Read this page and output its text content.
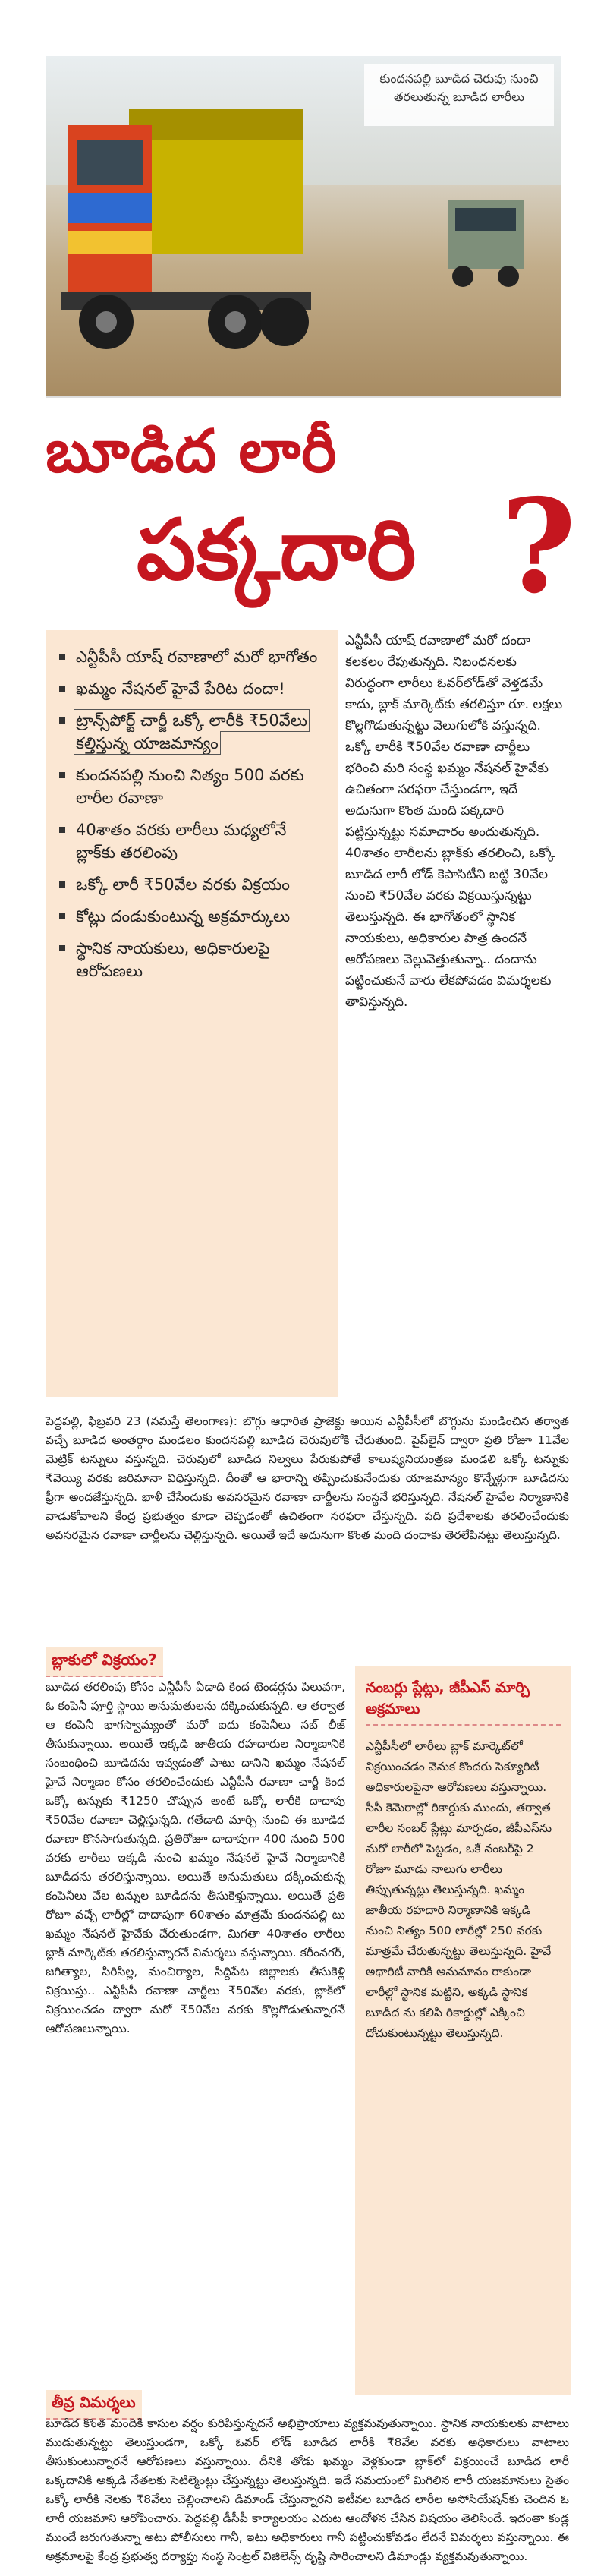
కుందనపల్లి బూడిద చెరువు నుంచి తరలుతున్న బూడిద లారీలు
బూడిద లారీ
పక్కదారి ?
ఎన్టీపీసీ యాష్ రవాణాలో మరో భాగోతం
ఖమ్మం నేషనల్ హైవే పేరిట దందా!
ట్రాన్స్‌పోర్ట్ చార్జీ ఒక్కో లారీకి ₹50వేలు కల్తిస్తున్న యాజమాన్యం
కుందనపల్లి నుంచి నిత్యం 500 వరకు లారీల రవాణా
40శాతం వరకు లారీలు మధ్యలోనే బ్లాక్‌కు తరలింపు
ఒక్కో లారీ ₹50వేల వరకు విక్రయం
కోట్లు దండుకుంటున్న అక్రమార్కులు
స్థానిక నాయకులు, అధికారులపై ఆరోపణలు
ఎన్టీపీసీ యాష్ రవాణాలో మరో దందా కలకలం రేపుతున్నది. నిబంధనలకు విరుద్ధంగా లారీలు ఓవర్‌లోడ్‌తో వెళ్తడమే కాదు, బ్లాక్ మార్కెట్‌కు తరలిస్తూ రూ. లక్షలు కొల్లగొడుతున్నట్టు వెలుగులోకి వస్తున్నది. ఒక్కో లారీకి ₹50వేల రవాణా చార్జీలు భరించి మరి సంస్థ ఖమ్మం నేషనల్ హైవేకు ఉచితంగా సరఫరా చేస్తుండగా, ఇదే అదునుగా కొంత మంది పక్కదారి పట్టిస్తున్నట్టు సమాచారం అందుతున్నది. 40శాతం లారీలను బ్లాక్‌కు తరలించి, ఒక్కో బూడిద లారీ లోడ్ కెపాసిటీని బట్టి 30వేల నుంచి ₹50వేల వరకు విక్రయిస్తున్నట్టు తెలుస్తున్నది. ఈ భాగోతంలో స్థానిక నాయకులు, అధికారుల పాత్ర ఉందనే ఆరోపణలు వెల్లువెత్తుతున్నా.. దందాను పట్టించుకునే వారు లేకపోవడం విమర్శలకు తావిస్తున్నది.
పెద్దపల్లి, ఫిబ్రవరి 23 (నమస్తే తెలంగాణ): బొగ్గు ఆధారిత ప్రాజెక్టు అయిన ఎన్టీపీసీలో బొగ్గును మండించిన తర్వాత వచ్చే బూడిద అంతర్గాం మండలం కుందనపల్లి బూడిద చెరువులోకి చేరుతుంది. పైప్‌లైన్ ద్వారా ప్రతి రోజూ 11వేల మెట్రిక్ టన్నులు వస్తున్నది. చెరువులో బూడిద నిల్వలు పేరుకుపోతే కాలుష్యనియంత్రణ మండలి ఒక్కో టన్నుకు ₹వెయ్యి వరకు జరిమానా విధిస్తున్నది. దీంతో ఆ భారాన్ని తప్పించుకునేందుకు యాజమాన్యం కొన్నేళ్లుగా బూడిదను ఫ్రీగా అందజేస్తున్నది. ఖాళీ చేసేందుకు అవసరమైన రవాణా చార్జీలను సంస్థనే భరిస్తున్నది. నేషనల్ హైవేల నిర్మాణానికి వాడుకోవాలని కేంద్ర ప్రభుత్వం కూడా చెప్పడంతో ఉచితంగా సరఫరా చేస్తున్నది. పది ప్రదేశాలకు తరలించేందుకు అవసరమైన రవాణా చార్జీలను చెల్లిస్తున్నది. అయితే ఇదే అదునుగా కొంత మంది దందాకు తెరలేపినట్టు తెలుస్తున్నది.
బ్లాకులో విక్రయం?
బూడిద తరలింపు కోసం ఎన్టీపీసీ ఏడాది కింద టెండర్లను పిలువగా, ఓ కంపెనీ పూర్తి స్థాయి అనుమతులను దక్కించుకున్నది. ఆ తర్వాత ఆ కంపెనీ భాగస్వామ్యంతో మరో ఐదు కంపెనీలు సబ్ లీజ్ తీసుకున్నాయి. అయితే ఇక్కడి జాతీయ రహదారుల నిర్మాణానికి సంబంధించి బూడిదను ఇవ్వడంతో పాటు దానిని ఖమ్మం నేషనల్ హైవే నిర్మాణం కోసం తరలించేందుకు ఎన్టీపీసీ రవాణా చార్జీ కింద ఒక్కో టన్నుకు ₹1250 చొప్పున అంటే ఒక్కో లారీకి దాదాపు ₹50వేల రవాణా చెల్లిస్తున్నది. గతేడాది మార్చి నుంచి ఈ బూడిద రవాణా కొనసాగుతున్నది. ప్రతిరోజూ దాదాపుగా 400 నుంచి 500 వరకు లారీలు ఇక్కడి నుంచి ఖమ్మం నేషనల్ హైవే నిర్మాణానికి బూడిదను తరలిస్తున్నాయి. అయితే అనుమతులు దక్కించుకున్న కంపెనీలు వేల టన్నుల బూడిదను తీసుకెళ్తున్నాయి. అయితే ప్రతి రోజూ వచ్చే లారీల్లో దాదాపుగా 60శాతం మాత్రమే కుందనపల్లి టు ఖమ్మం నేషనల్ హైవేకు చేరుతుండగా, మిగతా 40శాతం లారీలు బ్లాక్ మార్కెట్‌కు తరలిస్తున్నారనే విమర్శలు వస్తున్నాయి. కరీంనగర్, జగిత్యాల, సిరిసిల్ల, మంచిర్యాల, సిద్దిపేట జిల్లాలకు తీసుకెళ్లి విక్రయిస్తు.. ఎన్టీపీసీ రవాణా చార్జీలు ₹50వేల వరకు, బ్లాక్‌లో విక్రయించడం ద్వారా మరో ₹50వేల వరకు కొల్లగొడుతున్నారనే ఆరోపణలున్నాయి.
నంబర్లు ప్లేట్లు, జీపీఎస్ మార్చి అక్రమాలు
ఎన్టీపీసీలో లారీలు బ్లాక్ మార్కెట్‌లో విక్రయించడం వెనుక కొందరు సెక్యూరిటీ అధికారులపైనా ఆరోపణలు వస్తున్నాయి. సీసీ కెమెరాల్లో రికార్డుకు ముందు, తర్వాత లారీల నంబర్ ప్లేట్లు మార్చడం, జీపీఎస్‌ను మరో లారీలో పెట్టడం, ఒకే నంబర్‌పై 2 రోజూ మూడు నాలుగు లారీలు తిప్పుతున్నట్లు తెలుస్తున్నది. ఖమ్మం జాతీయ రహదారి నిర్మాణానికి ఇక్కడి నుంచి నిత్యం 500 లారీల్లో 250 వరకు మాత్రమే చేరుతున్నట్టు తెలుస్తున్నది. హైవే అథారిటీ వారికి అనుమానం రాకుండా లారీల్లో స్థానిక మట్టిని, అక్కడి స్థానిక బూడిద ను కలిపి రికార్డుల్లో ఎక్కించి దోచుకుంటున్నట్టు తెలుస్తున్నది.
తీవ్ర విమర్శలు
బూడిద కొంత మందికి కాసుల వర్షం కురిపిస్తున్నదనే అభిప్రాయాలు వ్యక్తమవుతున్నాయి. స్థానిక నాయకులకు వాటాలు ముడుతున్నట్టు తెలుస్తుండగా, ఒక్కో ఓవర్ లోడ్ బూడిద లారీకి ₹8వేల వరకు అధికారులు వాటాలు తీసుకుంటున్నారనే ఆరోపణలు వస్తున్నాయి. దీనికి తోడు ఖమ్మం వెళ్లకుండా బ్లాక్‌లో విక్రయించే బూడిద లారీ ఒక్కదానికి అక్కడి నేతలకు సెటిల్మెంట్లు చేస్తున్నట్టు తెలుస్తున్నది. ఇదే సమయంలో మిగిలిన లారీ యజమానులు సైతం ఒక్కో లారీకి నెలకు ₹8వేలు చెల్లించాలని డిమాండ్ చేస్తున్నారని ఇటీవల బూడిద లారీల అసోసియేషన్‌కు చెందిన ఓ లారీ యజమాని ఆరోపించారు. పెద్దపల్లి డీసీపీ కార్యాలయం ఎదుట ఆందోళన చేసిన విషయం తెలిసిందే. ఇదంతా కండ్ల ముందే జరుగుతున్నా అటు పోలీసులు గానీ, ఇటు అధికారులు గానీ పట్టించుకోవడం లేదనే విమర్శలు వస్తున్నాయి. ఈ అక్రమాలపై కేంద్ర ప్రభుత్వ దర్యాప్తు సంస్థ సెంట్రల్ విజిలెన్స్ దృష్టి సారించాలని డిమాండ్లు వ్యక్తమవుతున్నాయి.
